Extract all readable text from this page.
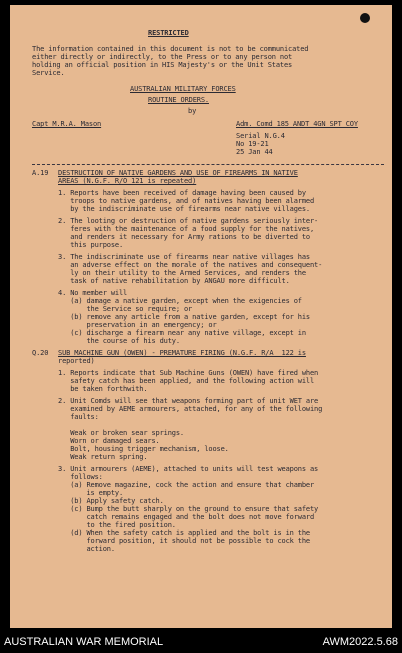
RESTRICTED
The information contained in this document is not to be communicated
either directly or indirectly, to the Press or to any person not
holding an official position in HIS Majesty's or the Unit States
Service.
AUSTRALIAN MILITARY FORCES
ROUTINE ORDERS.
by
Capt M.R.A. Mason	Adm. Comd 185 ANDT 4GN SPT COY
Serial N.G.4
No 19-21
25 Jan 44
A.19 DESTRUCTION OF NATIVE GARDENS AND USE OF FIREARMS IN NATIVE
AREAS (N.G.F. R/O 121 is repeated)
1. Reports have been received of damage having been caused by
troops to native gardens, and of natives having been alarmed
by the indiscriminate use of firearms near native villages.
2. The looting or destruction of native gardens seriously inter-
feres with the maintenance of a food supply for the natives,
and renders it necessary for Army rations to be diverted to
this purpose.
3. The indiscriminate use of firearms near native villages has
an adverse effect on the morale of the natives and consequent-
ly on their utility to the Armed Services, and renders the
task of native rehabilitation by ANGAU more difficult.
4. No member will
(a) damage a native garden, except when the exigencies of
the Service so require; or
(b) remove any article from a native garden, except for his
preservation in an emergency; or
(c) discharge a firearm near any native village, except in
the course of his duty.
Q.20 SUB MACHINE GUN (OWEN) - PREMATURE FIRING (N.G.F. R/A  122 is
reported)
1. Reports indicate that Sub Machine Guns (OWEN) have fired when
safety catch has been applied, and the following action will
be taken forthwith.
2. Unit Comds will see that weapons forming part of unit WET are
examined by AEME armourers, attached, for any of the following
faults:
Weak or broken sear springs.
Worn or damaged sears.
Bolt, housing trigger mechanism, loose.
Weak return spring.
3. Unit armourers (AEME), attached to units will test weapons as
follows:
(a) Remove magazine, cock the action and ensure that chamber
is empty.
(b) Apply safety catch.
(c) Bump the butt sharply on the ground to ensure that safety
catch remains engaged and the bolt does not move forward
to the fired position.
(d) When the safety catch is applied and the bolt is in the
forward position, it should not be possible to cock the
action.
AUSTRALIAN WAR MEMORIAL	AWM2022.5.68
